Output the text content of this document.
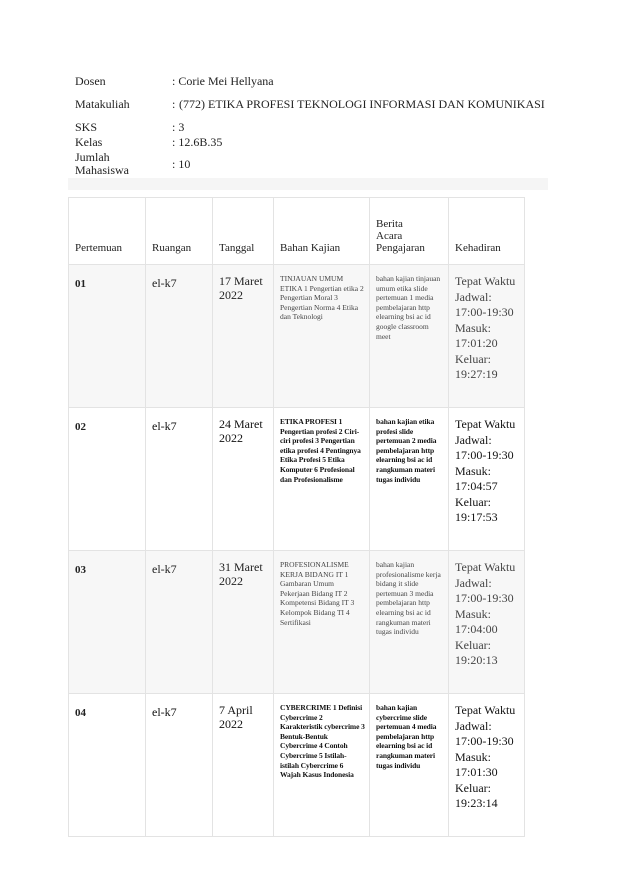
Dosen	: Corie Mei Hellyana
Matakuliah	: (772) ETIKA PROFESI TEKNOLOGI INFORMASI DAN KOMUNIKASI
SKS	: 3
Kelas	: 12.6B.35
Jumlah Mahasiswa	: 10
Pertemuan	Ruangan	Tanggal	Bahan Kajian	Berita Acara Pengajaran	Kehadiran
01	el-k7	17 Maret 2022	TINJAUAN UMUM ETIKA 1 Pengertian etika 2 Pengertian Moral 3 Pengertian Norma 4 Etika dan Teknologi	bahan kajian tinjauan umum etika slide pertemuan 1 media pembelajaran http elearning bsi ac id google classroom meet	Tepat Waktu Jadwal: 17:00-19:30 Masuk: 17:01:20 Keluar: 19:27:19

02	el-k7	24 Maret 2022	ETIKA PROFESI 1 Pengertian profesi 2 Ciri-ciri profesi 3 Pengertian etika profesi 4 Pentingnya Etika Profesi 5 Etika Komputer 6 Profesional dan Profesionalisme	bahan kajian etika profesi slide pertemuan 2 media pembelajaran http elearning bsi ac id rangkuman materi tugas individu	Tepat Waktu Jadwal: 17:00-19:30 Masuk: 17:04:57 Keluar: 19:17:53

03	el-k7	31 Maret 2022	PROFESIONALISME KERJA BIDANG IT 1 Gambaran Umum Pekerjaan Bidang IT 2 Kompetensi Bidang IT 3 Kelompok Bidang TI 4 Sertifikasi	bahan kajian profesionalisme kerja bidang it slide pertemuan 3 media pembelajaran http elearning bsi ac id rangkuman materi tugas individu	Tepat Waktu Jadwal: 17:00-19:30 Masuk: 17:04:00 Keluar: 19:20:13

04	el-k7	7 April 2022	CYBERCRIME 1 Definisi Cybercrime 2 Karakteristik cybercrime 3 Bentuk-Bentuk Cybercrime 4 Contoh Cybercrime 5 Istilah-istilah Cybercrime 6 Wajah Kasus Indonesia	bahan kajian cybercrime slide pertemuan 4 media pembelajaran http elearning bsi ac id rangkuman materi tugas individu	Tepat Waktu Jadwal: 17:00-19:30 Masuk: 17:01:30 Keluar: 19:23:14
